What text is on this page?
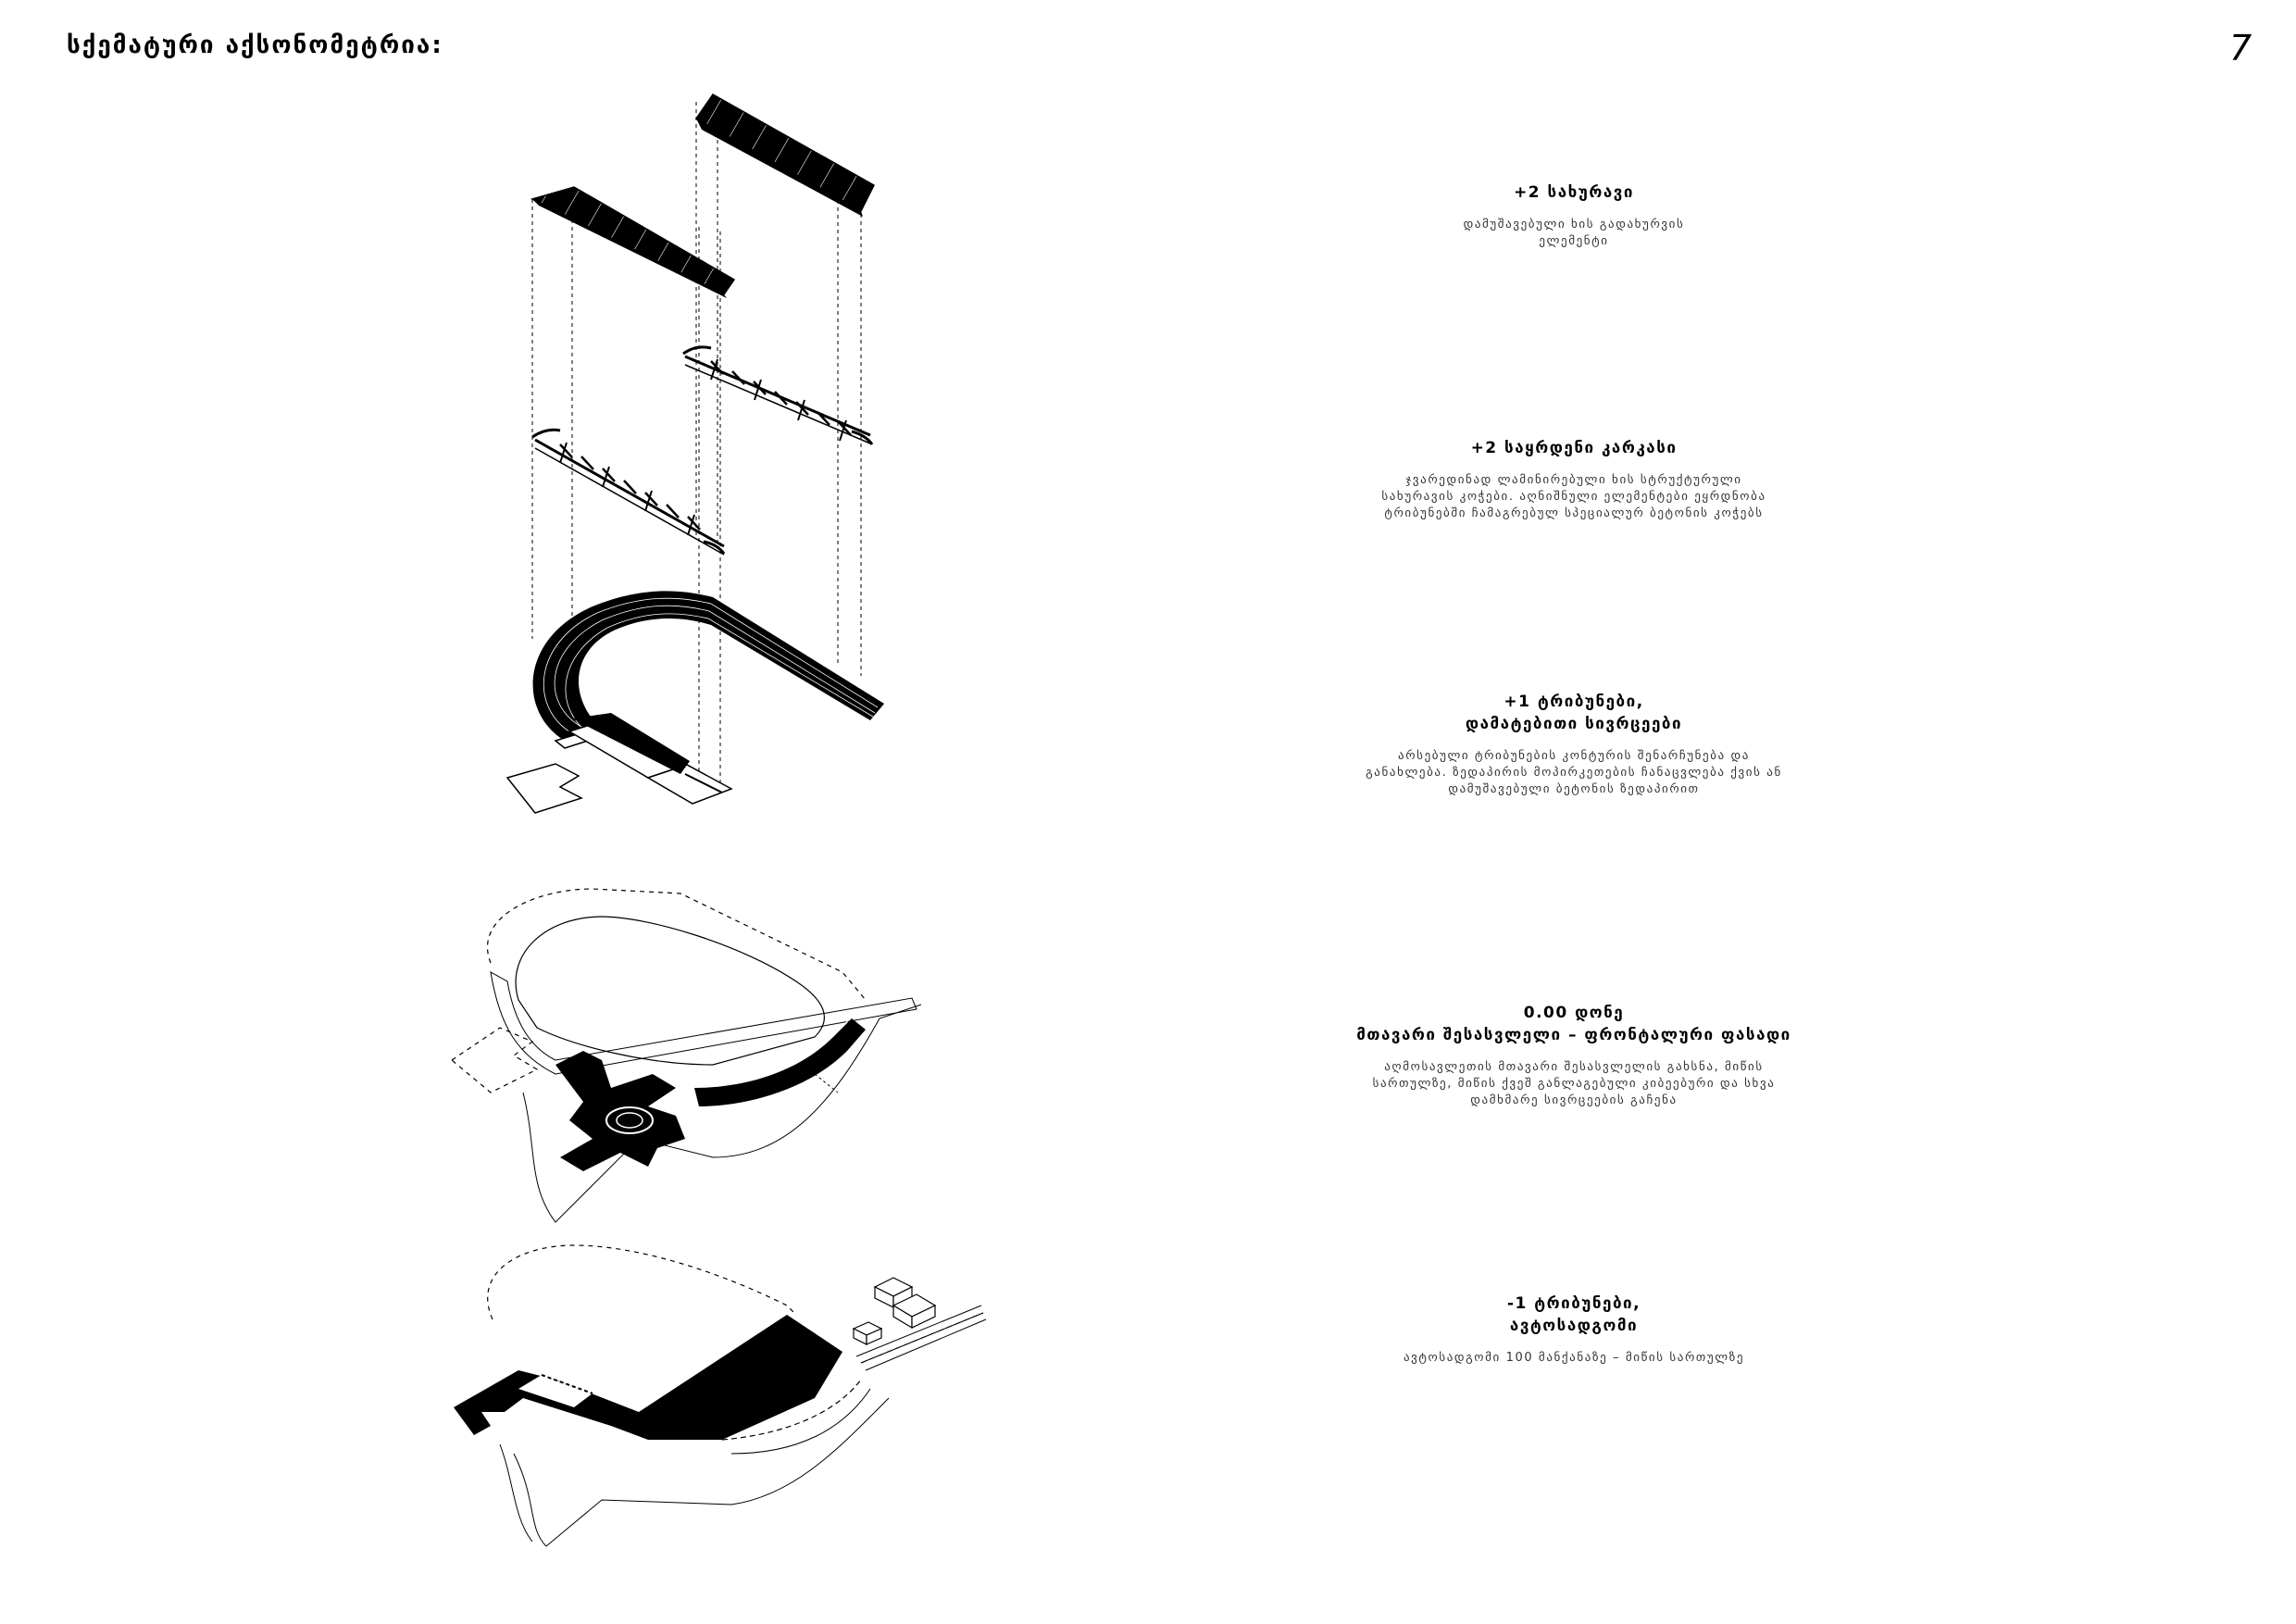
სქემატური აქსონომეტრია:	7
+2 სახურავი
დამუშავებული ხის გადახურვის
ელემენტი
+2 საყრდენი კარკასი
ჯვარედინად ლამინირებული ხის სტრუქტურული
სახურავის კოჭები. აღნიშნული ელემენტები ეყრდნობა
ტრიბუნებში ჩამაგრებულ სპეციალურ ბეტონის კოჭებს
+1 ტრიბუნები,
დამატებითი სივრცეები
არსებული ტრიბუნების კონტურის შენარჩუნება და
განახლება. ზედაპირის მოპირკეთების ჩანაცვლება ქვის ან
დამუშავებული ბეტონის ზედაპირით
0.00 დონე
მთავარი შესასვლელი – ფრონტალური ფასადი
აღმოსავლეთის მთავარი შესასვლელის გახსნა, მიწის
სართულზე, მიწის ქვეშ განლაგებული კიბეებური და სხვა
დამხმარე სივრცეების გაჩენა
-1 ტრიბუნები,
ავტოსადგომი
ავტოსადგომი 100 მანქანაზე – მიწის სართულზე
